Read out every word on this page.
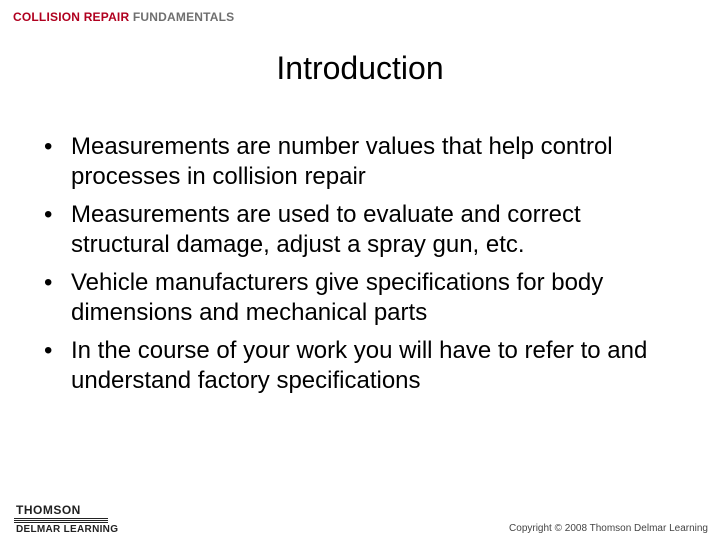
COLLISION REPAIR FUNDAMENTALS
Introduction
• Measurements are number values that help control processes in collision repair
• Measurements are used to evaluate and correct structural damage, adjust a spray gun, etc.
• Vehicle manufacturers give specifications for body dimensions and mechanical parts
• In the course of your work you will have to refer to and understand factory specifications
THOMSON
DELMAR LEARNING	Copyright © 2008 Thomson Delmar Learning
